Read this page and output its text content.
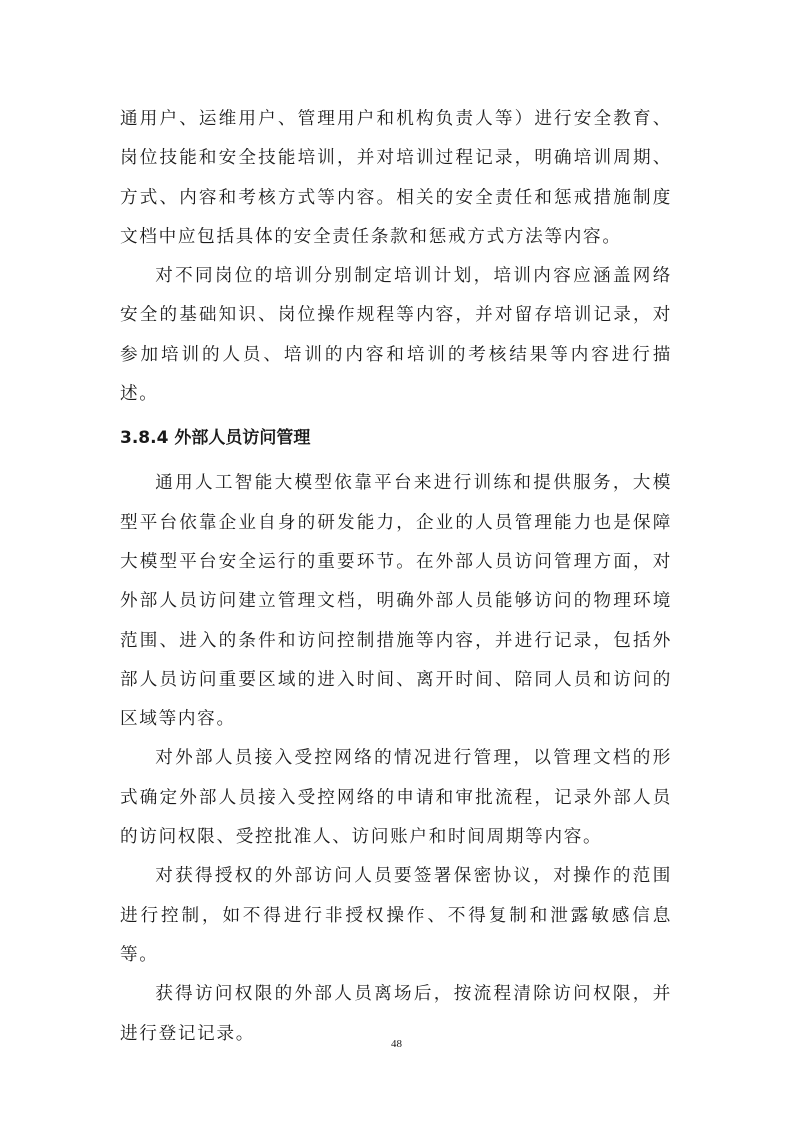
通用户、运维用户、管理用户和机构负责人等）进行安全教育、岗位技能和安全技能培训，并对培训过程记录，明确培训周期、方式、内容和考核方式等内容。相关的安全责任和惩戒措施制度文档中应包括具体的安全责任条款和惩戒方式方法等内容。

对不同岗位的培训分别制定培训计划，培训内容应涵盖网络安全的基础知识、岗位操作规程等内容，并对留存培训记录，对参加培训的人员、培训的内容和培训的考核结果等内容进行描述。

3.8.4 外部人员访问管理

通用人工智能大模型依靠平台来进行训练和提供服务，大模型平台依靠企业自身的研发能力，企业的人员管理能力也是保障大模型平台安全运行的重要环节。在外部人员访问管理方面，对外部人员访问建立管理文档，明确外部人员能够访问的物理环境范围、进入的条件和访问控制措施等内容，并进行记录，包括外部人员访问重要区域的进入时间、离开时间、陪同人员和访问的区域等内容。

对外部人员接入受控网络的情况进行管理，以管理文档的形式确定外部人员接入受控网络的申请和审批流程，记录外部人员的访问权限、受控批准人、访问账户和时间周期等内容。

对获得授权的外部访问人员要签署保密协议，对操作的范围进行控制，如不得进行非授权操作、不得复制和泄露敏感信息等。

获得访问权限的外部人员离场后，按流程清除访问权限，并进行登记记录。

48
